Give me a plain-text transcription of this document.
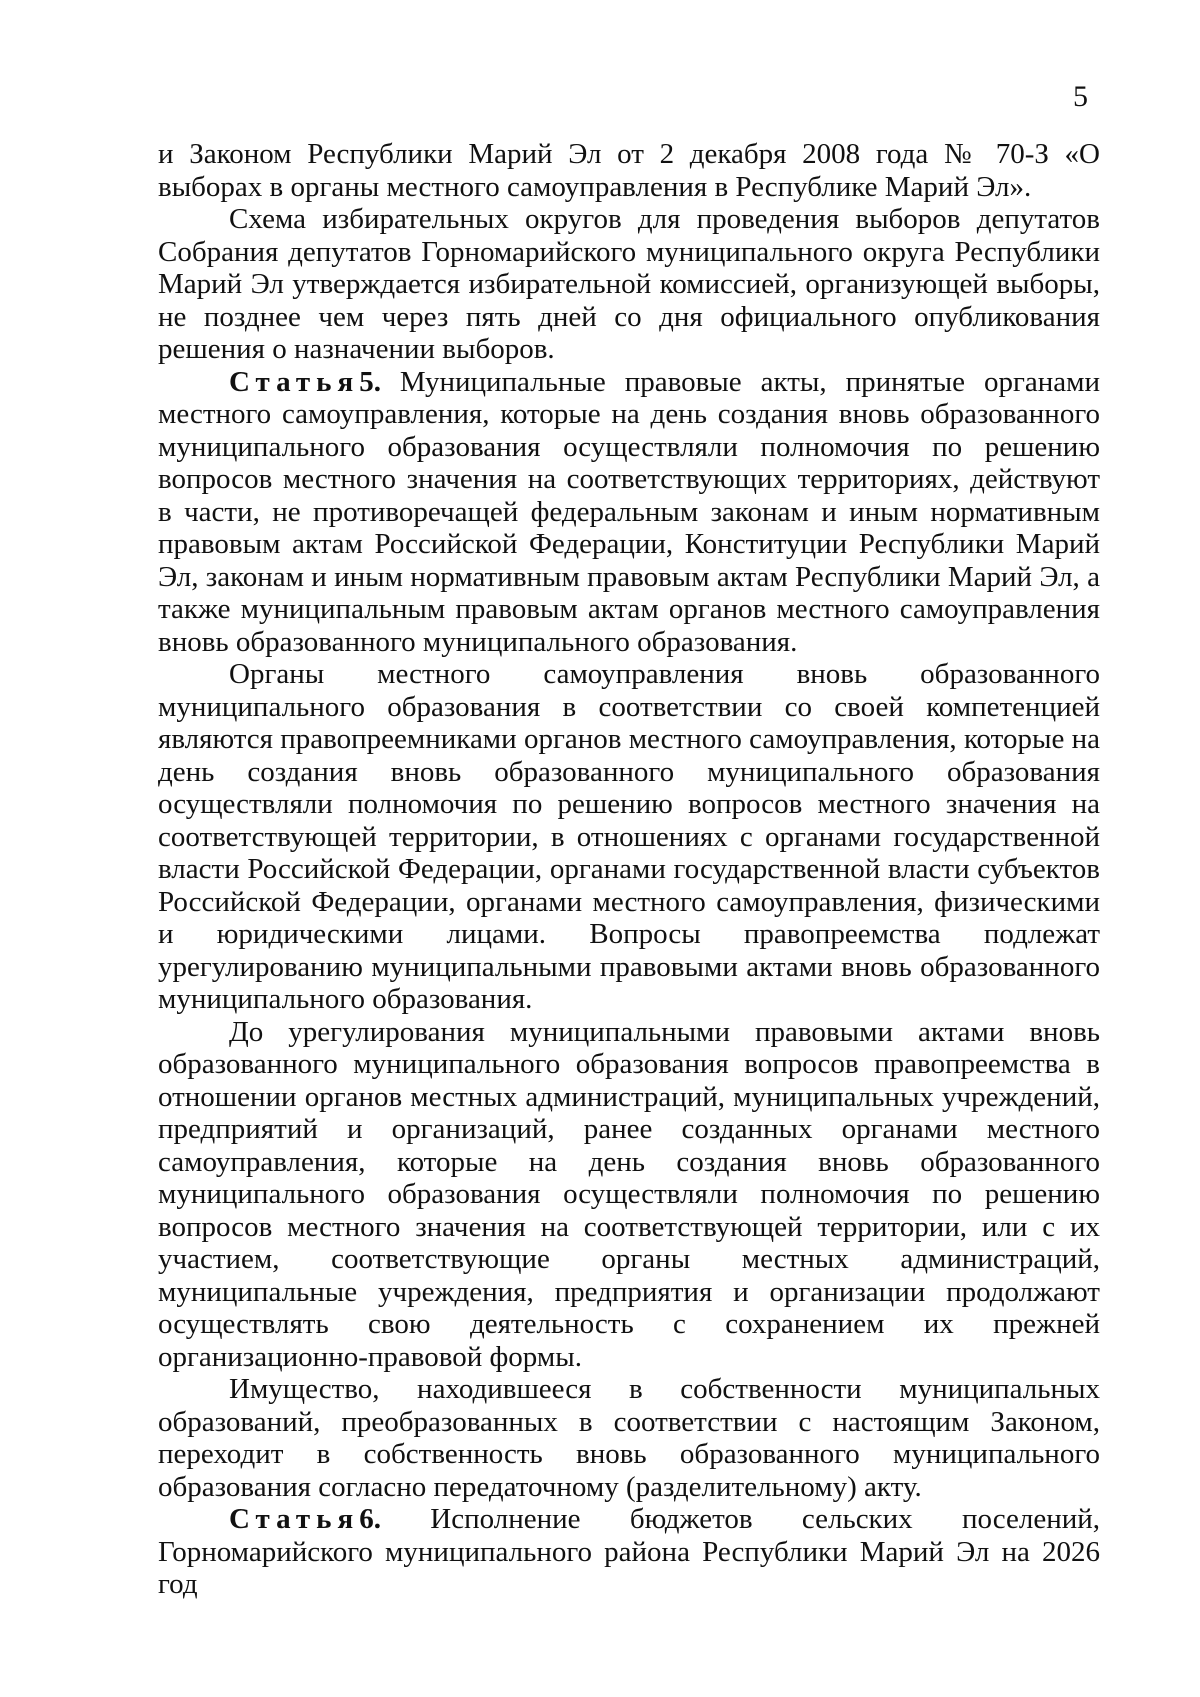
5

и Законом Республики Марий Эл от 2 декабря 2008 года № 70-З «О выборах в органы местного самоуправления в Республике Марий Эл».

Схема избирательных округов для проведения выборов депутатов Собрания депутатов Горномарийского муниципального округа Республики Марий Эл утверждается избирательной комиссией, организующей выборы, не позднее чем через пять дней со дня официального опубликования решения о назначении выборов.

Статья5. Муниципальные правовые акты, принятые органами местного самоуправления, которые на день создания вновь образованного муниципального образования осуществляли полномочия по решению вопросов местного значения на соответствующих территориях, действуют в части, не противоречащей федеральным законам и иным нормативным правовым актам Российской Федерации, Конституции Республики Марий Эл, законам и иным нормативным правовым актам Республики Марий Эл, а также муниципальным правовым актам органов местного самоуправления вновь образованного муниципального образования.

Органы местного самоуправления вновь образованного муниципального образования в соответствии со своей компетенцией являются правопреемниками органов местного самоуправления, которые на день создания вновь образованного муниципального образования осуществляли полномочия по решению вопросов местного значения на соответствующей территории, в отношениях с органами государственной власти Российской Федерации, органами государственной власти субъектов Российской Федерации, органами местного самоуправления, физическими и юридическими лицами. Вопросы правопреемства подлежат урегулированию муниципальными правовыми актами вновь образованного муниципального образования.

До урегулирования муниципальными правовыми актами вновь образованного муниципального образования вопросов правопреемства в отношении органов местных администраций, муниципальных учреждений, предприятий и организаций, ранее созданных органами местного самоуправления, которые на день создания вновь образованного муниципального образования осуществляли полномочия по решению вопросов местного значения на соответствующей территории, или с их участием, соответствующие органы местных администраций, муниципальные учреждения, предприятия и организации продолжают осуществлять свою деятельность с сохранением их прежней организационно-правовой формы.

Имущество, находившееся в собственности муниципальных образований, преобразованных в соответствии с настоящим Законом, переходит в собственность вновь образованного муниципального образования согласно передаточному (разделительному) акту.

Статья6. Исполнение бюджетов сельских поселений, Горномарийского муниципального района Республики Марий Эл на 2026 год
